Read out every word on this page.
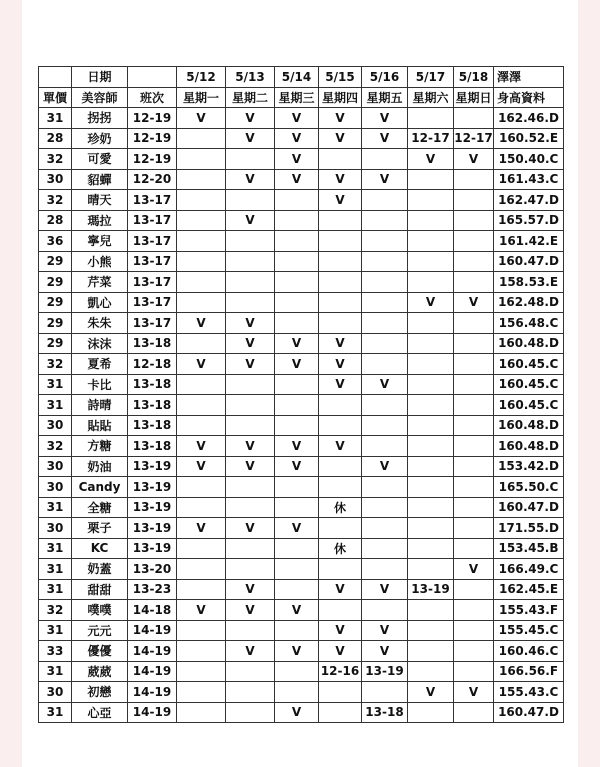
	日期		5/12	5/13	5/14	5/15	5/16	5/17	5/18	澤澤
單價	美容師	班次	星期一	星期二	星期三	星期四	星期五	星期六	星期日	身高資料
31	拐拐	12-19	V	V	V	V	V			162.46.D
28	珍奶	12-19		V	V	V	V	12-17	12-17	160.52.E
32	可愛	12-19			V			V	V	150.40.C
30	貂蟬	12-20		V	V	V	V			161.43.C
32	晴天	13-17				V				162.47.D
28	瑪拉	13-17		V						165.57.D
36	寧兒	13-17								161.42.E
29	小熊	13-17								160.47.D
29	芹菜	13-17								158.53.E
29	凱心	13-17						V	V	162.48.D
29	朱朱	13-17	V	V						156.48.C
29	沫沫	13-18		V	V	V				160.48.D
32	夏希	12-18	V	V	V	V				160.45.C
31	卡比	13-18				V	V			160.45.C
31	詩晴	13-18								160.45.C
30	貼貼	13-18								160.48.D
32	方糖	13-18	V	V	V	V				160.48.D
30	奶油	13-19	V	V	V		V			153.42.D
30	Candy	13-19								165.50.C
31	全糖	13-19				休				160.47.D
30	栗子	13-19	V	V	V					171.55.D
31	KC	13-19				休				153.45.B
31	奶蓋	13-20							V	166.49.C
31	甜甜	13-23		V		V	V	13-19		162.45.E
32	噗噗	14-18	V	V	V					155.43.F
31	元元	14-19				V	V			155.45.C
33	優優	14-19		V	V	V	V			160.46.C
31	葳葳	14-19				12-16	13-19			166.56.F
30	初戀	14-19						V	V	155.43.C
31	心亞	14-19			V		13-18			160.47.D
